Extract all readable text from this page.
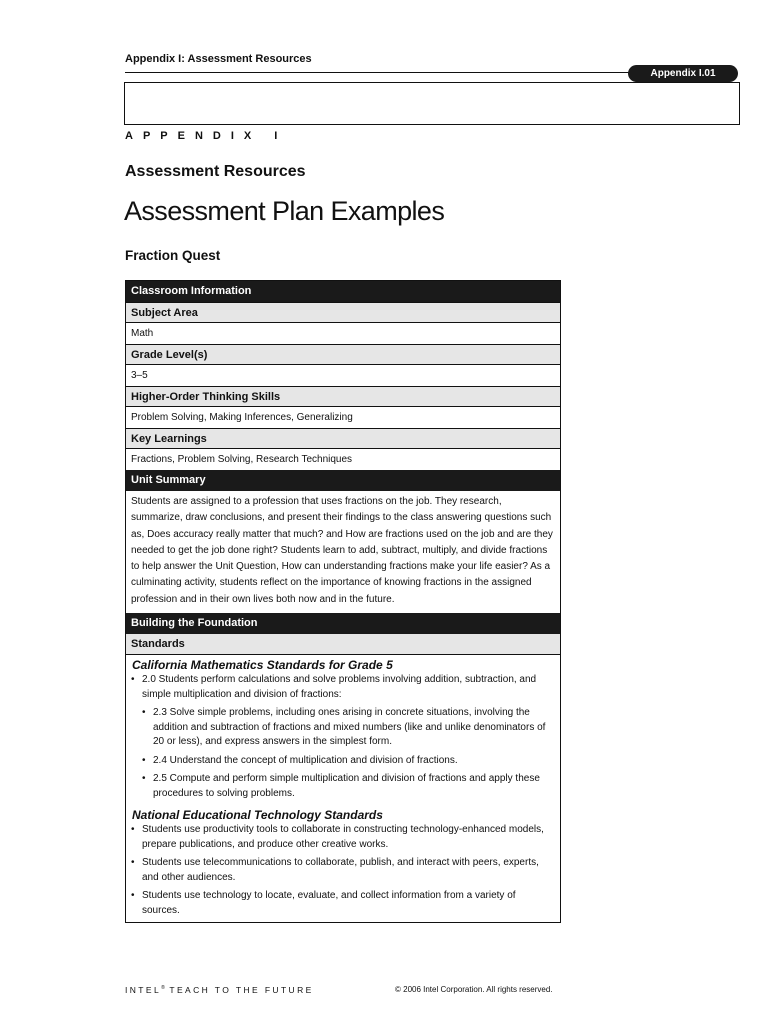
Appendix I: Assessment Resources
Appendix I.01
APPENDIX I
Assessment Resources
Assessment Plan Examples
Fraction Quest
Classroom Information
Subject Area
Math
Grade Level(s)
3–5
Higher-Order Thinking Skills
Problem Solving, Making Inferences, Generalizing
Key Learnings
Fractions, Problem Solving, Research Techniques
Unit Summary
Students are assigned to a profession that uses fractions on the job. They research, summarize, draw conclusions, and present their findings to the class answering questions such as, Does accuracy really matter that much? and How are fractions used on the job and are they needed to get the job done right? Students learn to add, subtract, multiply, and divide fractions to help answer the Unit Question, How can understanding fractions make your life easier? As a culminating activity, students reflect on the importance of knowing fractions in the assigned profession and in their own lives both now and in the future.
Building the Foundation
Standards
California Mathematics Standards for Grade 5
• 2.0 Students perform calculations and solve problems involving addition, subtraction, and simple multiplication and division of fractions:
• 2.3 Solve simple problems, including ones arising in concrete situations, involving the addition and subtraction of fractions and mixed numbers (like and unlike denominators of 20 or less), and express answers in the simplest form.
• 2.4 Understand the concept of multiplication and division of fractions.
• 2.5 Compute and perform simple multiplication and division of fractions and apply these procedures to solving problems.
National Educational Technology Standards
• Students use productivity tools to collaborate in constructing technology-enhanced models, prepare publications, and produce other creative works.
• Students use telecommunications to collaborate, publish, and interact with peers, experts, and other audiences.
• Students use technology to locate, evaluate, and collect information from a variety of sources.
INTEL® TEACH TO THE FUTURE	© 2006 Intel Corporation. All rights reserved.
